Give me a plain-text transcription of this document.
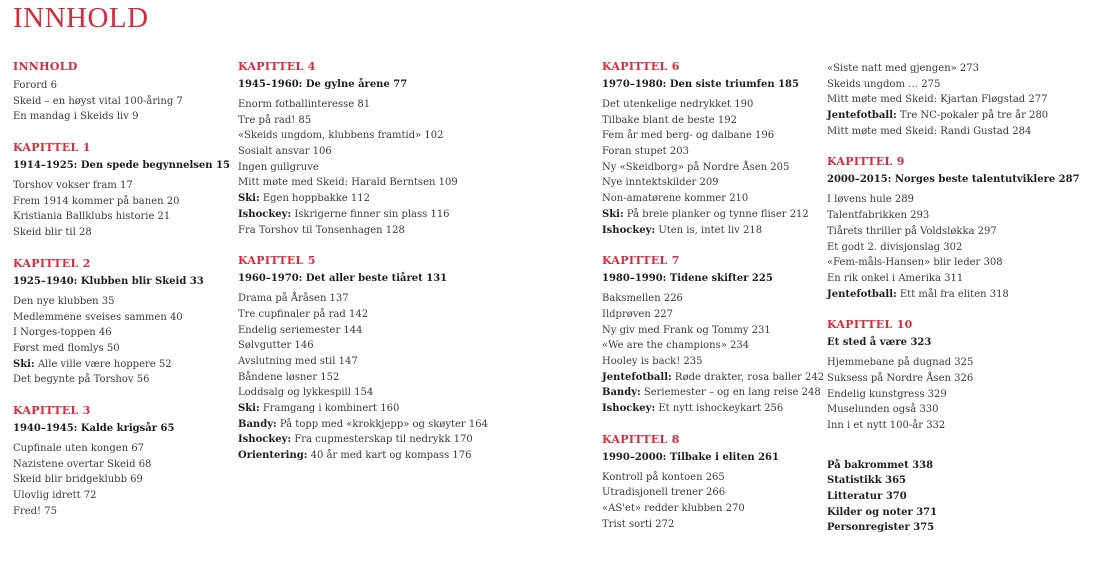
INNHOLD
INNHOLD
Forord 6
Skeid – en høyst vital 100-åring 7
En mandag i Skeids liv 9
KAPITTEL 1
1914–1925: Den spede begynnelsen 15
Torshov vokser fram 17
Frem 1914 kommer på banen 20
Kristiania Ballklubs historie 21
Skeid blir til 28
KAPITTEL 2
1925–1940: Klubben blir Skeid 33
Den nye klubben 35
Medlemmene sveises sammen 40
I Norges-toppen 46
Først med flomlys 50
Ski: Alle ville være hoppere 52
Det begynte på Torshov 56
KAPITTEL 3
1940–1945: Kalde krigsår 65
Cupfinale uten kongen 67
Nazistene overtar Skeid 68
Skeid blir bridgeklubb 69
Ulovlig idrett 72
Fred! 75
KAPITTEL 4
1945–1960: De gylne årene 77
Enorm fotballinteresse 81
Tre på rad! 85
«Skeids ungdom, klubbens framtid» 102
Sosialt ansvar 106
Ingen gullgruve
Mitt møte med Skeid: Harald Berntsen 109
Ski: Egen hoppbakke 112
Ishockey: Iskrigerne finner sin plass 116
Fra Torshov til Tonsenhagen 128
KAPITTEL 5
1960–1970: Det aller beste tiåret 131
Drama på Åråsen 137
Tre cupfinaler på rad 142
Endelig seriemester 144
Sølvgutter 146
Avslutning med stil 147
Båndene løsner 152
Loddsalg og lykkespill 154
Ski: Framgang i kombinert 160
Bandy: På topp med «krokkjepp» og skøyter 164
Ishockey: Fra cupmesterskap til nedrykk 170
Orientering: 40 år med kart og kompass 176
KAPITTEL 6
1970–1980: Den siste triumfen 185
Det utenkelige nedrykket 190
Tilbake blant de beste 192
Fem år med berg- og dalbane 196
Foran stupet 203
Ny «Skeidborg» på Nordre Åsen 205
Nye inntektskilder 209
Non-amatørene kommer 210
Ski: På breie planker og tynne fliser 212
Ishockey: Uten is, intet liv 218
KAPITTEL 7
1980–1990: Tidene skifter 225
Baksmellen 226
Ildprøven 227
Ny giv med Frank og Tommy 231
«We are the champions» 234
Hooley is back! 235
Jentefotball: Røde drakter, rosa baller 242
Bandy: Seriemester – og en lang reise 248
Ishockey: Et nytt ishockeykart 256
KAPITTEL 8
1990–2000: Tilbake i eliten 261
Kontroll på kontoen 265
Utradisjonell trener 266
«AS'et» redder klubben 270
Trist sorti 272
«Siste natt med gjengen» 273
Skeids ungdom … 275
Mitt møte med Skeid: Kjartan Fløgstad 277
Jentefotball: Tre NC-pokaler på tre år 280
Mitt møte med Skeid: Randi Gustad 284
KAPITTEL 9
2000–2015: Norges beste talentutviklere 287
I løvens hule 289
Talentfabrikken 293
Tiårets thriller på Voldsløkka 297
Et godt 2. divisjonslag 302
«Fem-måls-Hansen» blir leder 308
En rik onkel i Amerika 311
Jentefotball: Ett mål fra eliten 318
KAPITTEL 10
Et sted å være 323
Hjemmebane på dugnad 325
Suksess på Nordre Åsen 326
Endelig kunstgress 329
Muselunden også 330
Inn i et nytt 100-år 332
På bakrommet 338
Statistikk 365
Litteratur 370
Kilder og noter 371
Personregister 375
